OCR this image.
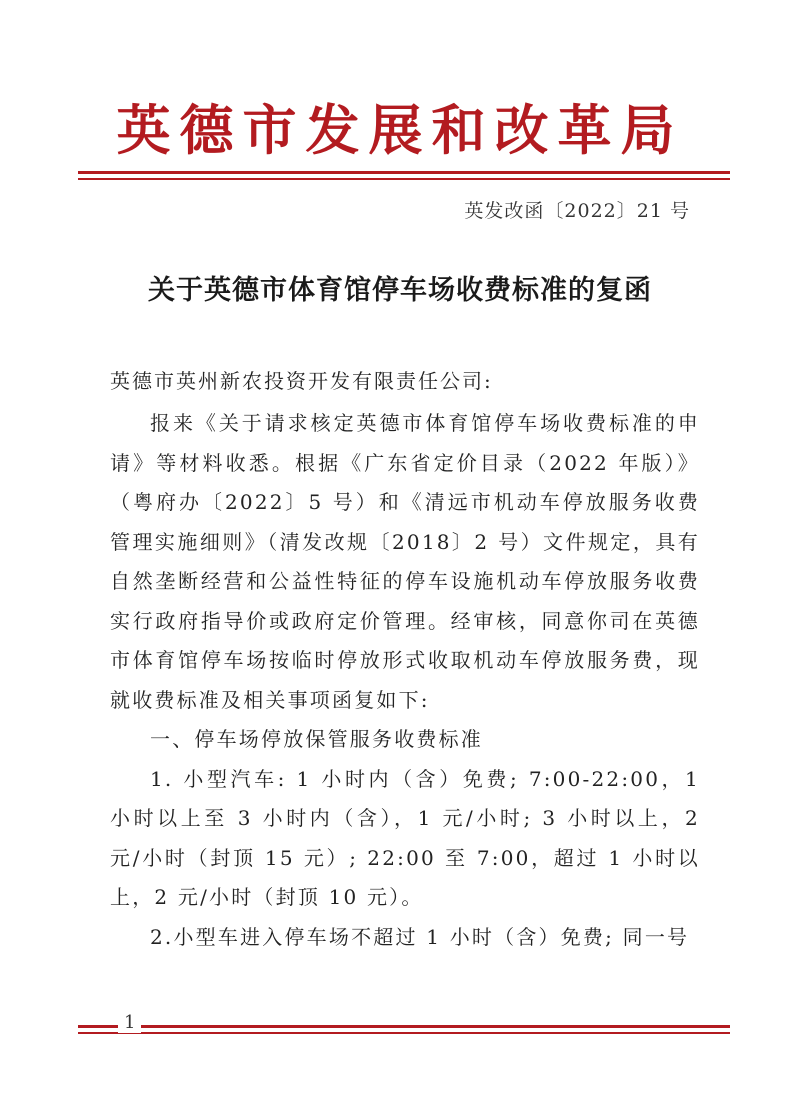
英德市发展和改革局
英发改函〔2022〕21 号
关于英德市体育馆停车场收费标准的复函
英德市英州新农投资开发有限责任公司:

报来《关于请求核定英德市体育馆停车场收费标准的申请》等材料收悉。根据《广东省定价目录（2022 年版）》（粤府办〔2022〕5 号）和《清远市机动车停放服务收费管理实施细则》（清发改规〔2018〕2 号）文件规定，具有自然垄断经营和公益性特征的停车设施机动车停放服务收费实行政府指导价或政府定价管理。经审核，同意你司在英德市体育馆停车场按临时停放形式收取机动车停放服务费，现就收费标准及相关事项函复如下:

一、停车场停放保管服务收费标准

1. 小型汽车: 1 小时内（含）免费; 7:00-22:00，1 小时以上至 3 小时内（含），1 元/小时; 3 小时以上，2 元/小时（封顶 15 元）; 22:00 至 7:00，超过 1 小时以上，2 元/小时（封顶 10 元）。

2.小型车进入停车场不超过 1 小时（含）免费; 同一号

1
